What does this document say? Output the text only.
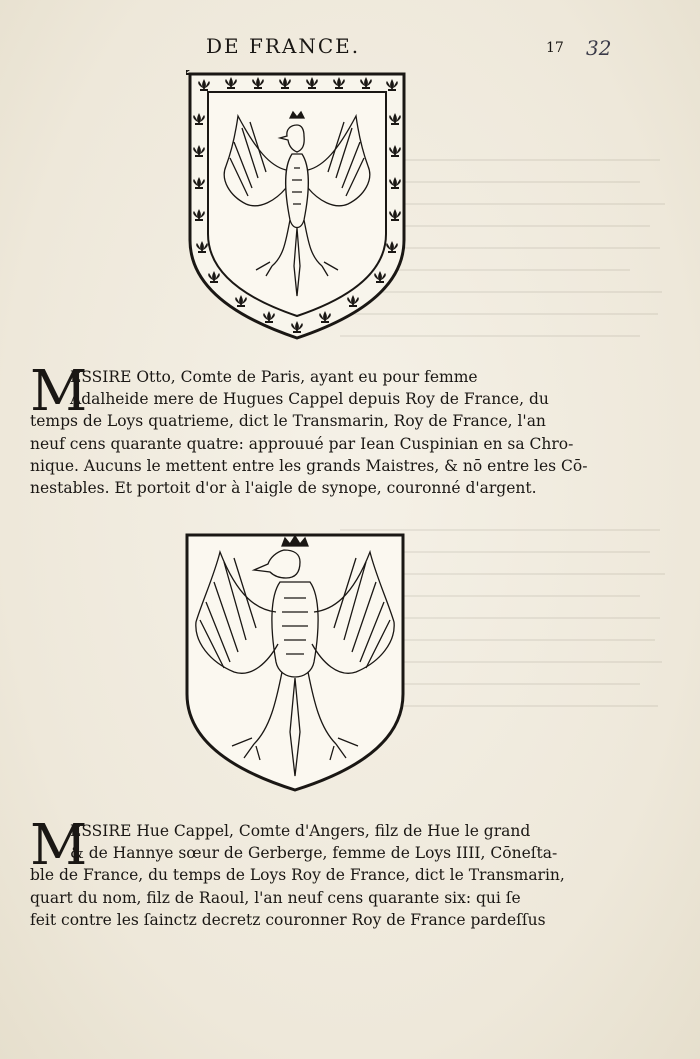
DE FRANCE.	17 32
M
ESSIRE Otto, Comte de Paris, ayant eu pour femme
Adalheide mere de Hugues Cappel depuis Roy de France, du
temps de Loys quatrieme, dict le Transmarin, Roy de France, l'an
neuf cens quarante quatre: approuué par Iean Cuspinian en sa Chro-
nique. Aucuns le mettent entre les grands Maistres, & nō entre les Cō-
nestables. Et portoit d'or à l'aigle de synope, couronné d'argent.
M
ESSIRE Hue Cappel, Comte d'Angers, filz de Hue le grand
& de Hannye sœur de Gerberge, femme de Loys IIII, Cōneſta-
ble de France, du temps de Loys Roy de France, dict le Transmarin,
quart du nom, filz de Raoul, l'an neuf cens quarante six: qui ſe
feit contre les ſainctz decretz couronner Roy de France pardeſſus
